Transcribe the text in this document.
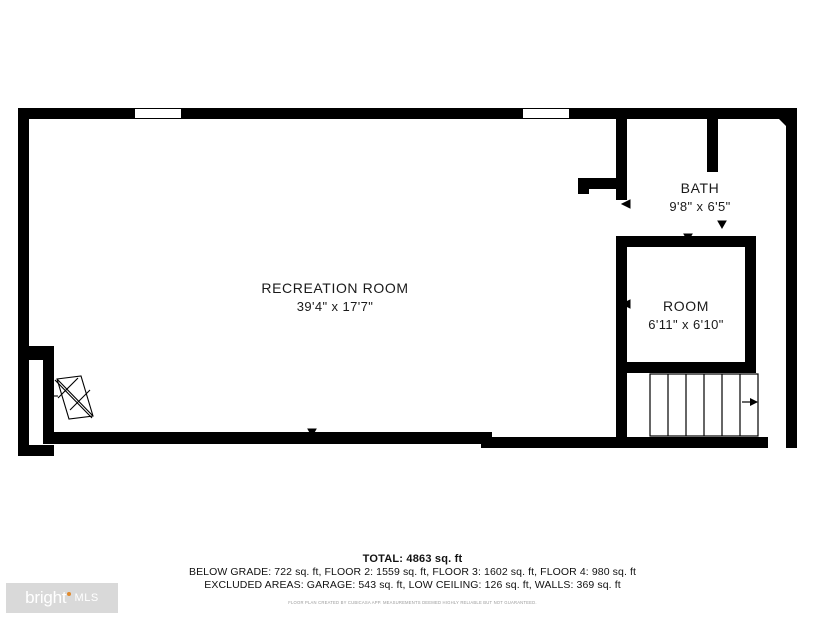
RECREATION ROOM
39'4" x 17'7"
BATH
9'8" x 6'5"
ROOM
6'11" x 6'10"
TOTAL: 4863 sq. ft
BELOW GRADE: 722 sq. ft, FLOOR 2: 1559 sq. ft, FLOOR 3: 1602 sq. ft, FLOOR 4: 980 sq. ft
EXCLUDED AREAS: GARAGE: 543 sq. ft, LOW CEILING: 126 sq. ft, WALLS: 369 sq. ft
FLOOR PLAN CREATED BY CUBICASA APP. MEASUREMENTS DEEMED HIGHLY RELIABLE BUT NOT GUARANTEED.
bright MLS
